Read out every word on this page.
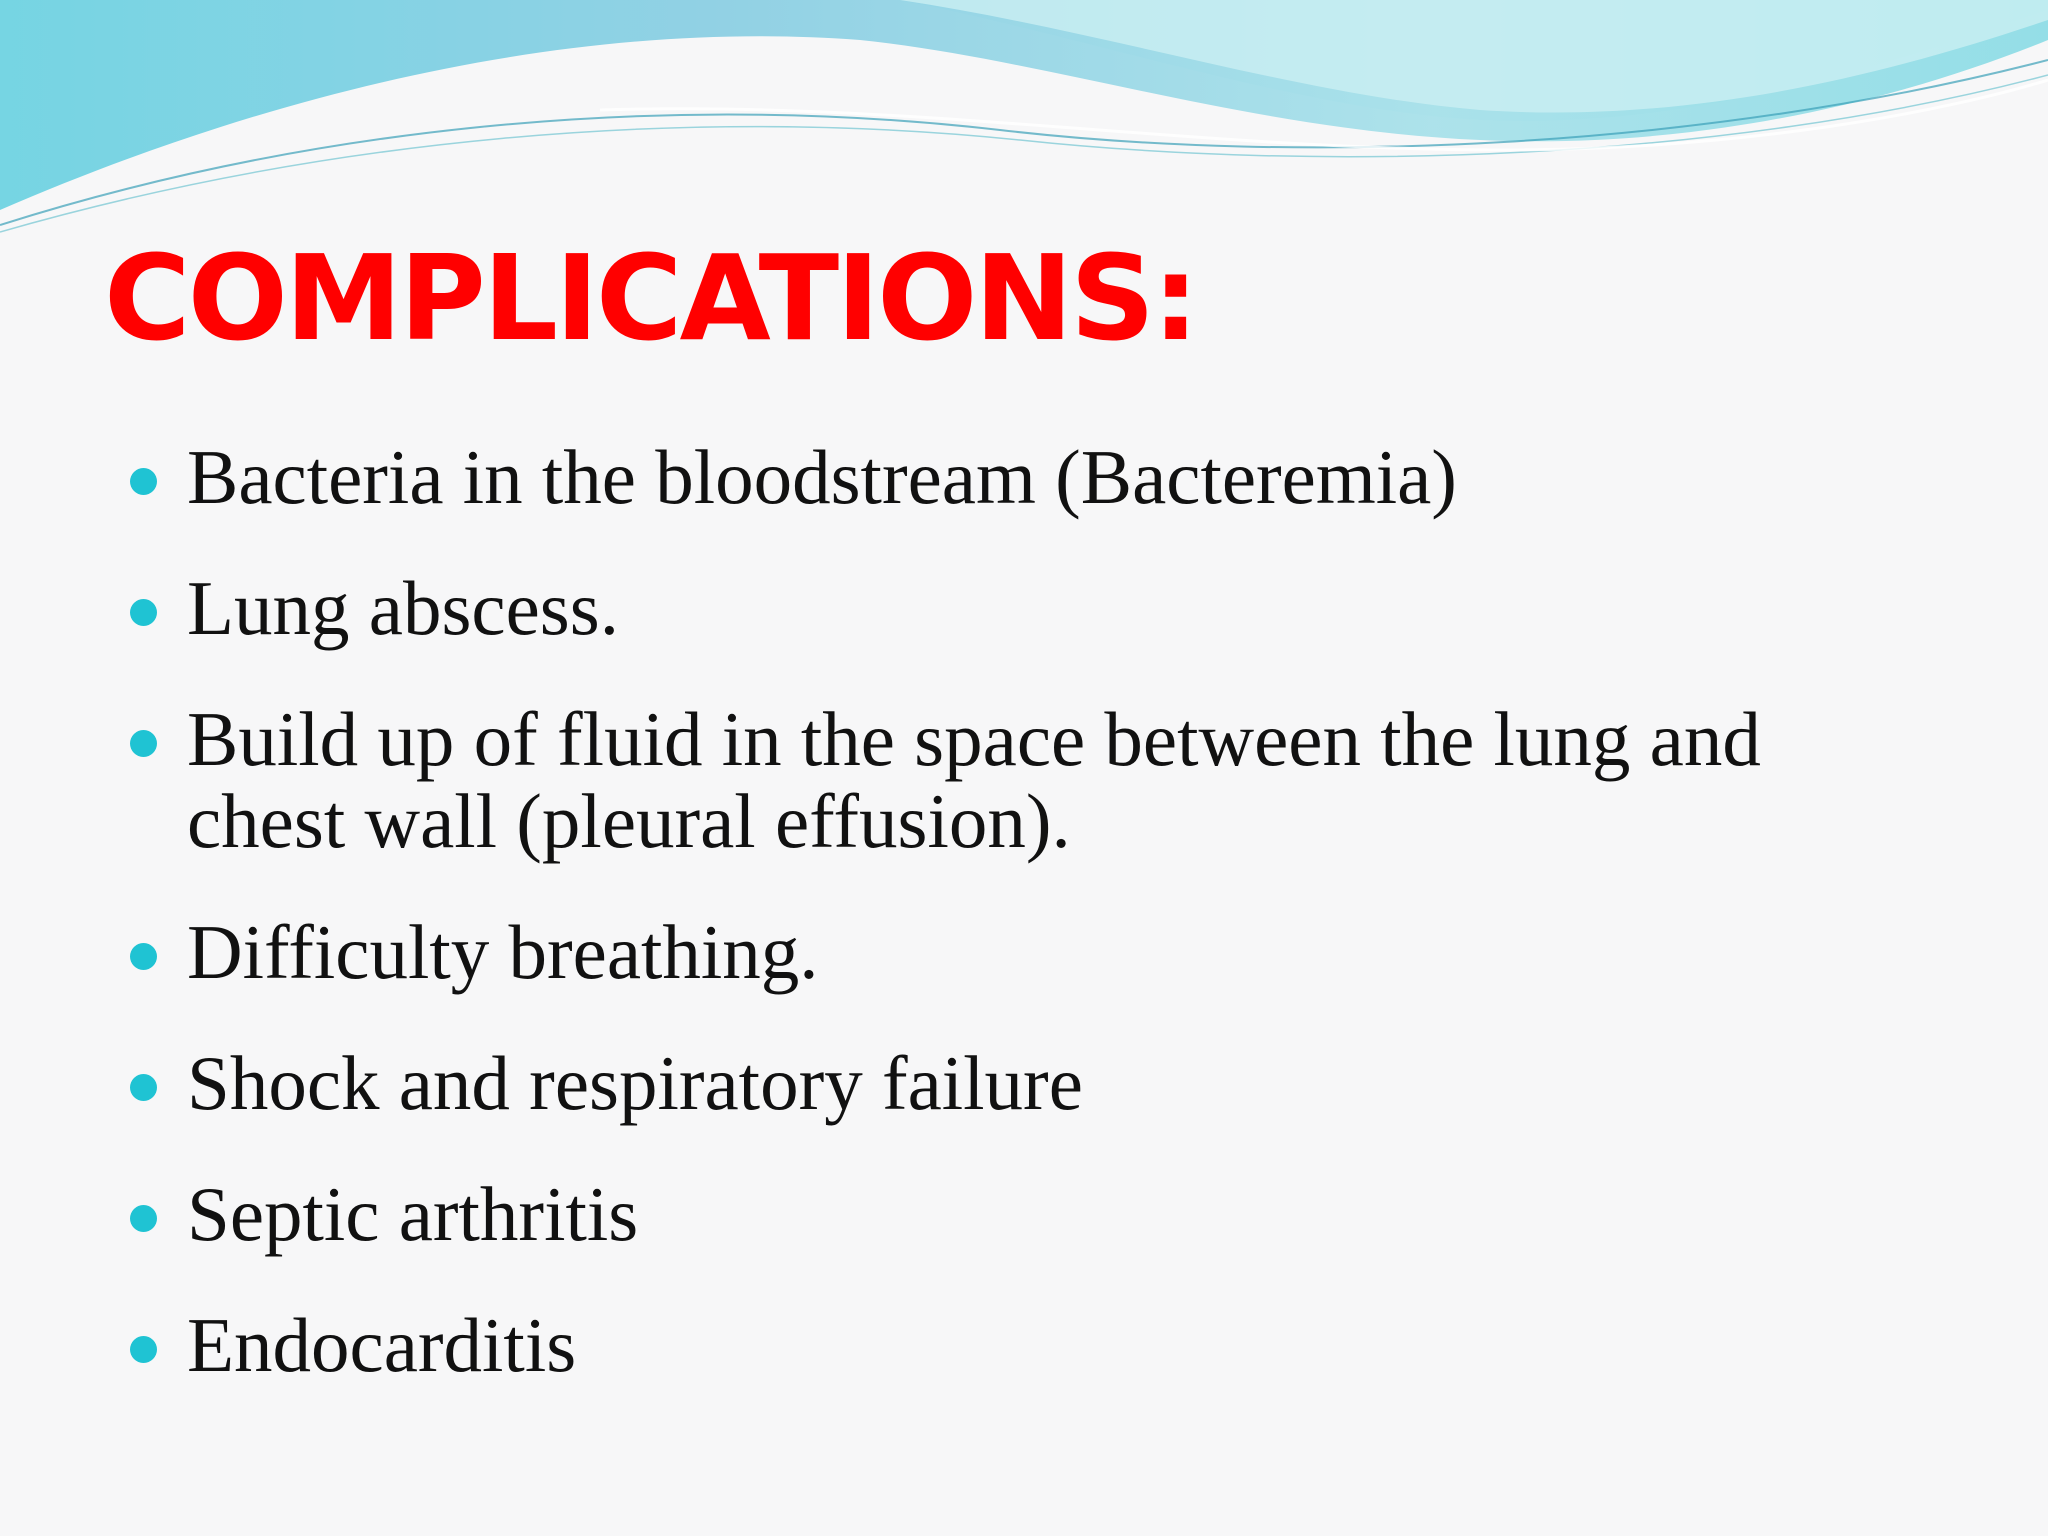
COMPLICATIONS:
Bacteria in the bloodstream (Bacteremia)
Lung abscess.
Build up of fluid in the space between the lung and chest wall (pleural effusion).
Difficulty breathing.
Shock and respiratory failure
Septic arthritis
Endocarditis
